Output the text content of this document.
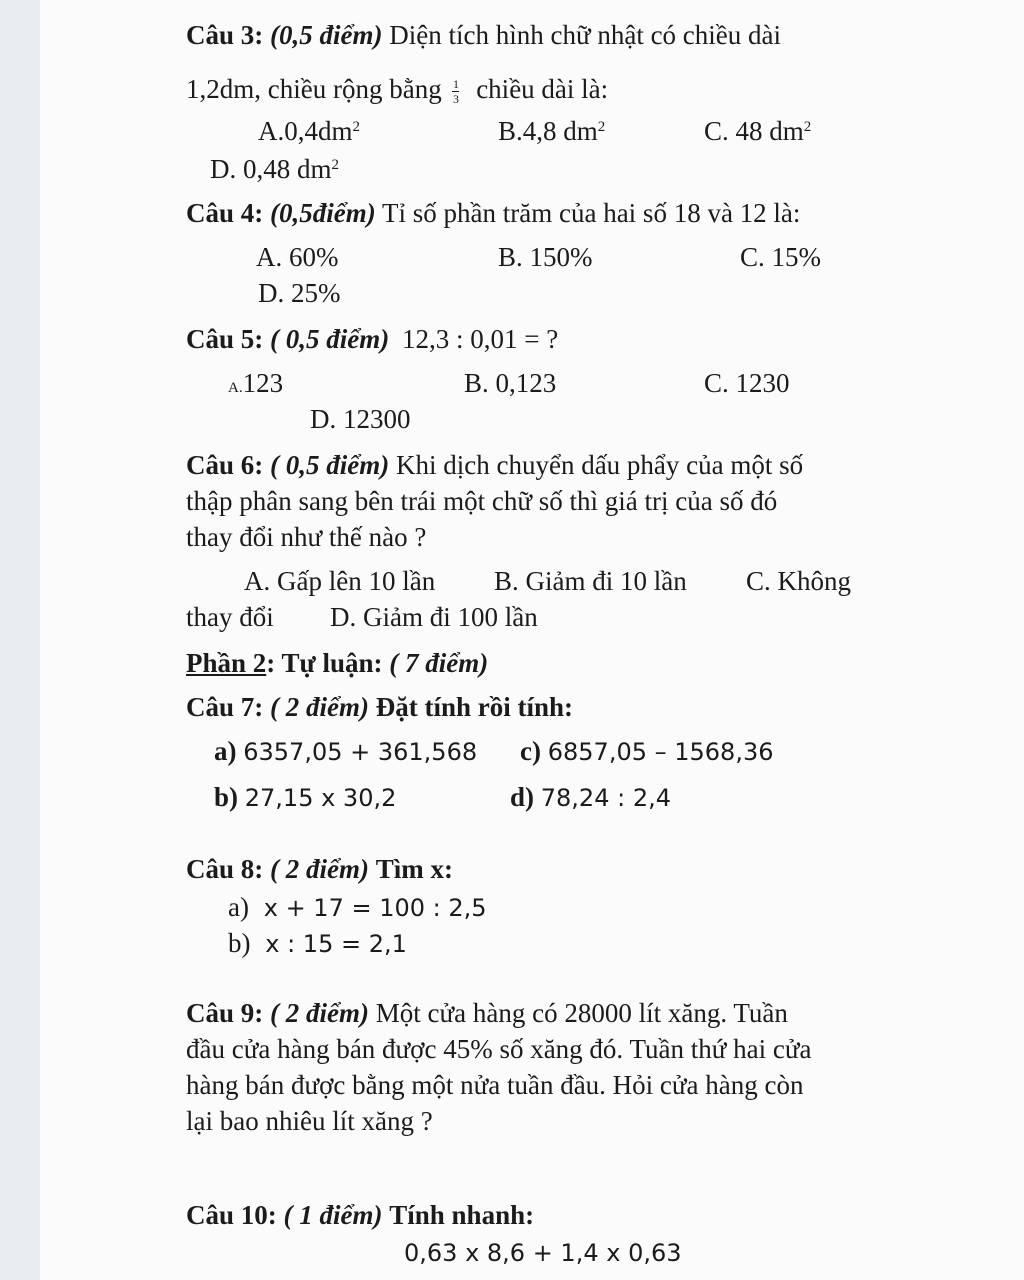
Câu 3: (0,5 điểm) Diện tích hình chữ nhật có chiều dài
1,2dm, chiều rộng bằng $\frac{1}{3}$ chiều dài là:
$A.0,4dm^2$	B.4,8 $dm^2$	C. 48 $dm^2$
D. 0,48 $dm^2$
Câu 4: (0,5điểm) Tỉ số phần trăm của hai số 18 và 12 là:
A. 60%	B. 150%	C. 15%
D. 25%
Câu 5: ( 0,5 điểm) 12,3 : 0,01 = ?
A.123	B. 0,123	C. 1230
D. 12300
Câu 6: ( 0,5 điểm) Khi dịch chuyển dấu phẩy của một số
thập phân sang bên trái một chữ số thì giá trị của số đó
thay đổi như thế nào ?
A. Gấp lên 10 lần B. Giảm đi 10 lần C. Không
thay đổi D. Giảm đi 100 lần
Phần 2: Tự luận: ( 7 điểm)
Câu 7: ( 2 điểm) Đặt tính rồi tính:
a) 6357,05 + 361,568 c) 6857,05 – 1568,36
b) 27,15 x 30,2	d) 78,24 : 2,4
Câu 8: ( 2 điểm) Tìm x:
a) x + 17 = 100 : 2,5
b) x : 15 = 2,1
Câu 9: ( 2 điểm) Một cửa hàng có 28000 lít xăng. Tuần
đầu cửa hàng bán được 45% số xăng đó. Tuần thứ hai cửa
hàng bán được bằng một nửa tuần đầu. Hỏi cửa hàng còn
lại bao nhiêu lít xăng ?
Câu 10: ( 1 điểm) Tính nhanh:
0,63 x 8,6 + 1,4 x 0,63
